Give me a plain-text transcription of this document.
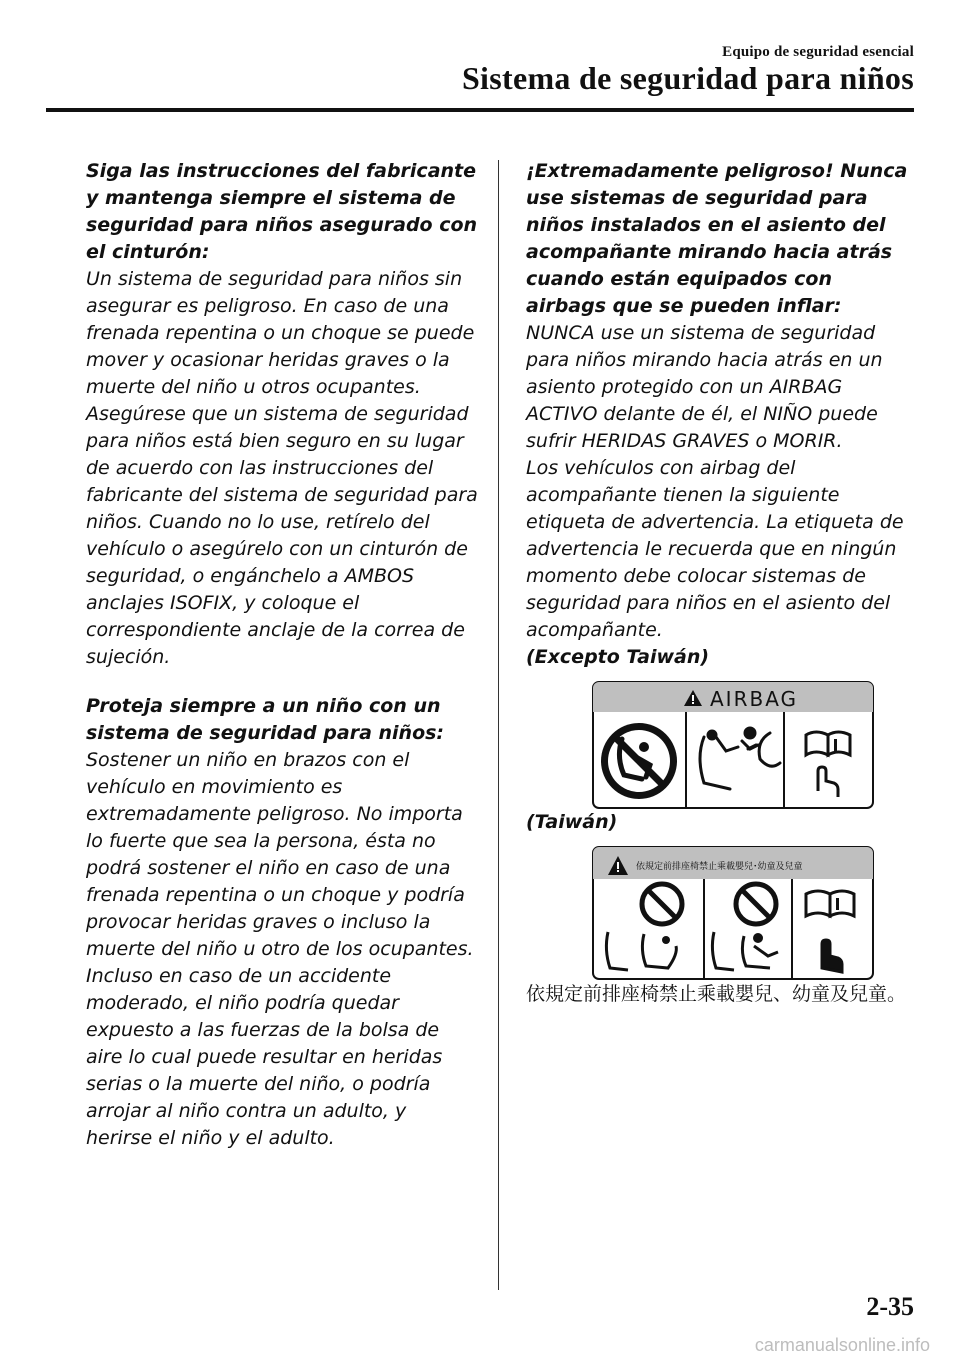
Equipo de seguridad esencial
Sistema de seguridad para niños

Siga las instrucciones del fabricante y mantenga siempre el sistema de seguridad para niños asegurado con el cinturón:

Un sistema de seguridad para niños sin asegurar es peligroso. En caso de una frenada repentina o un choque se puede mover y ocasionar heridas graves o la muerte del niño u otros ocupantes. Asegúrese que un sistema de seguridad para niños está bien seguro en su lugar de acuerdo con las instrucciones del fabricante del sistema de seguridad para niños. Cuando no lo use, retírelo del vehículo o asegúrelo con un cinturón de seguridad, o engánchelo a AMBOS anclajes ISOFIX, y coloque el correspondiente anclaje de la correa de sujeción.

Proteja siempre a un niño con un sistema de seguridad para niños:

Sostener un niño en brazos con el vehículo en movimiento es extremadamente peligroso. No importa lo fuerte que sea la persona, ésta no podrá sostener el niño en caso de una frenada repentina o un choque y podría provocar heridas graves o incluso la muerte del niño u otro de los ocupantes. Incluso en caso de un accidente moderado, el niño podría quedar expuesto a las fuerzas de la bolsa de aire lo cual puede resultar en heridas serias o la muerte del niño, o podría arrojar al niño contra un adulto, y herirse el niño y el adulto.

¡Extremadamente peligroso! Nunca use sistemas de seguridad para niños instalados en el asiento del acompañante mirando hacia atrás cuando están equipados con airbags que se pueden inflar:

NUNCA use un sistema de seguridad para niños mirando hacia atrás en un asiento protegido con un AIRBAG ACTIVO delante de él, el NIÑO puede sufrir HERIDAS GRAVES o MORIR.

Los vehículos con airbag del acompañante tienen la siguiente etiqueta de advertencia. La etiqueta de advertencia le recuerda que en ningún momento debe colocar sistemas de seguridad para niños en el asiento del acompañante.

(Excepto Taiwán)

AIRBAG

(Taiwán)

依規定前排座椅禁止乘載嬰兒･幼童及兒童

依規定前排座椅禁止乘載嬰兒、幼童及兒童。

2-35
carmanualsonline.info
